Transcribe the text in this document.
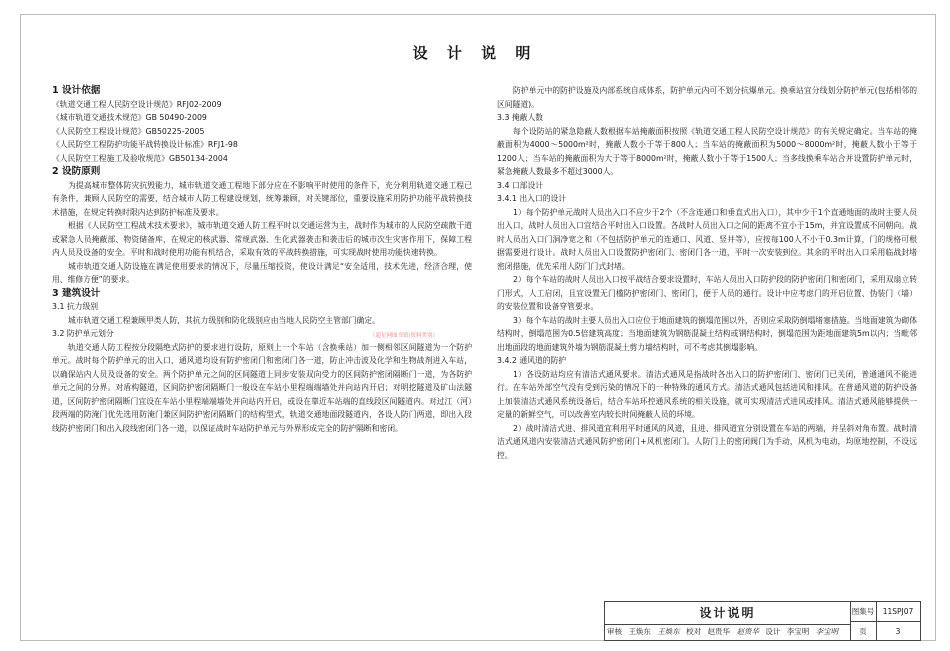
设 计 说 明

1 设计依据

《轨道交通工程人民防空设计规范》RFJ02-2009

《城市轨道交通技术规范》GB 50490-2009

《人民防空工程设计规范》GB50225-2005

《人民防空工程防护功能平战转换设计标准》RFJ1-98

《人民防空工程施工及验收规范》GB50134-2004

2 设防原则

为提高城市整体防灾抗毁能力，城市轨道交通工程地下部分应在不影响平时使用的条件下，充分利用轨道交通工程已有条件，兼顾人民防空的需要，结合城市人防工程建设规划，统筹兼顾，对关键部位，重要设施采用防护功能平战转换技术措施，在规定转换时限内达到防护标准及要求。

根据《人民防空工程战术技术要求》，城市轨道交通人防工程平时以交通运营为主，战时作为城市的人民防空疏散干道或紧急人员掩蔽部、物资储备库，在规定的核武器、常规武器、生化武器袭击和袭击后的城市次生灾害作用下，保障工程内人员及设备的安全。平时和战时使用功能有机结合，采取有效的平战转换措施，可实现战时使用功能快速转换。

城市轨道交通人防设施在满足使用要求的情况下，尽量压缩投资，使设计满足“安全适用，技术先进，经济合理，使用、维修方便”的要求。

3 建筑设计

3.1 抗力级别

城市轨道交通工程兼顾甲类人防，其抗力级别和防化级别应由当地人民防空主管部门确定。

3.2 防护单元划分

轨道交通人防工程按分段隔绝式防护的要求进行设防，原则上一个车站（含换乘站）加一侧相邻区间隧道为一个防护单元。战时每个防护单元的出入口、通风道均设有防护密闭门和密闭门各一道，防止冲击波及化学和生物战剂进入车站，以确保站内人员及设备的安全。两个防护单元之间的区间隧道上同步安装双向受力的区间防护密闭隔断门一道，为各防护单元之间的分界。对盾构隧道，区间防护密闭隔断门一般设在车站小里程端端墙处并向站内开启；对明挖隧道及矿山法隧道，区间防护密闭隔断门宜设在车站小里程端端墙处并向站内开启，或设在靠近车站端的直线段区间隧道内。对过江（河）段两端的防淹门优先选用防淹门兼区间防护密闭隔断门的结构型式，轨道交通地面段隧道内，各设人防门两道，即出入段线防护密闭门和出入段线密闭门各一道，以保证战时车站防护单元与外界形成完全的防护隔断和密闭。

防护单元中的防护设施及内部系统自成体系，防护单元内可不划分抗爆单元。换乘站宜分线划分防护单元(包括相邻的区间隧道)。

3.3 掩蔽人数

每个设防站的紧急隐蔽人数根据车站掩蔽面积按照《轨道交通工程人民防空设计规范》的有关规定确定。当车站的掩蔽面积为4000～5000m²时，掩蔽人数小于等于800人；当车站的掩蔽面积为5000～8000m²时，掩蔽人数小于等于1200人；当车站的掩蔽面积为大于等于8000m²时，掩蔽人数小于等于1500人；当多线换乘车站合并设置防护单元时，紧急掩蔽人数最多不超过3000人。

3.4 口部设计

3.4.1 出入口的设计

1）每个防护单元战时人员出入口不应少于2个（不含连通口和垂直式出入口），其中少于1个直通地面的战时主要人员出入口，战时人员出入口宜结合平时出入口设置。各战时人员出入口之间的距离不宜小于15m，并宜设置成不同朝向。战时人员出入口门洞净宽之和（不包括防护单元的连通口、风道、竖井等），应按每100人不小于0.3m计算，门的规格可根据需要进行设计。战时人员出入口设置防护密闭门、密闭门各一道，平时一次安装到位。其余的平时出入口采用临战封堵密闭措施，优先采用人防门门式封堵。

2）每个车站的战时人员出入口按平战结合要求设置时，车站人员出入口防护段的防护密闭门和密闭门，采用双扇立转门形式，人工启闭，且宜设置无门槛防护密闭门、密闭门，便于人员的通行。设计中应考虑门的开启位置、伪装门（墙）的安装位置和设备穿管要求。

3）每个车站的战时主要人员出入口应位于地面建筑的倒塌范围以外，否则应采取防倒塌堵塞措施。当地面建筑为砌体结构时，倒塌范围为0.5倍建筑高度；当地面建筑为钢筋混凝土结构或钢结构时，倒塌范围为距地面建筑5m以内；当毗邻出地面段的地面建筑外墙为钢筋混凝土剪力墙结构时，可不考虑其倒塌影响。

3.4.2 通风道的防护

1）各设防站均应有清洁式通风要求。清洁式通风是指战时各出入口的防护密闭门、密闭门已关闭，普通通风不能进行。在车站外部空气没有受到污染的情况下的一种特殊的通风方式。清洁式通风包括进风和排风。在普通风道的防护设备上加装清洁式通风系统设备后，结合车站环控通风系统的相关设施，就可实现清洁式进风或排风。清洁式通风能够提供一定量的新鲜空气，可以改善室内较长时间掩蔽人员的环境。

2）战时清洁式进、排风道宜利用平时通风的风道，且进、排风道宜分别设置在车站的两端，并呈斜对角布置。战时清洁式通风道内安装清洁式通风防护密闭门+风机密闭门。人防门上的密闭阀门为手动，风机为电动，均原地控制，不设远控。

（超星网图书馆/资料类别）
设计说明	图集号	11SPJ07
页	3
审核 王焕东 王焕东 校对 赵贵华 赵贵华 设计 李宝明 李宝明
